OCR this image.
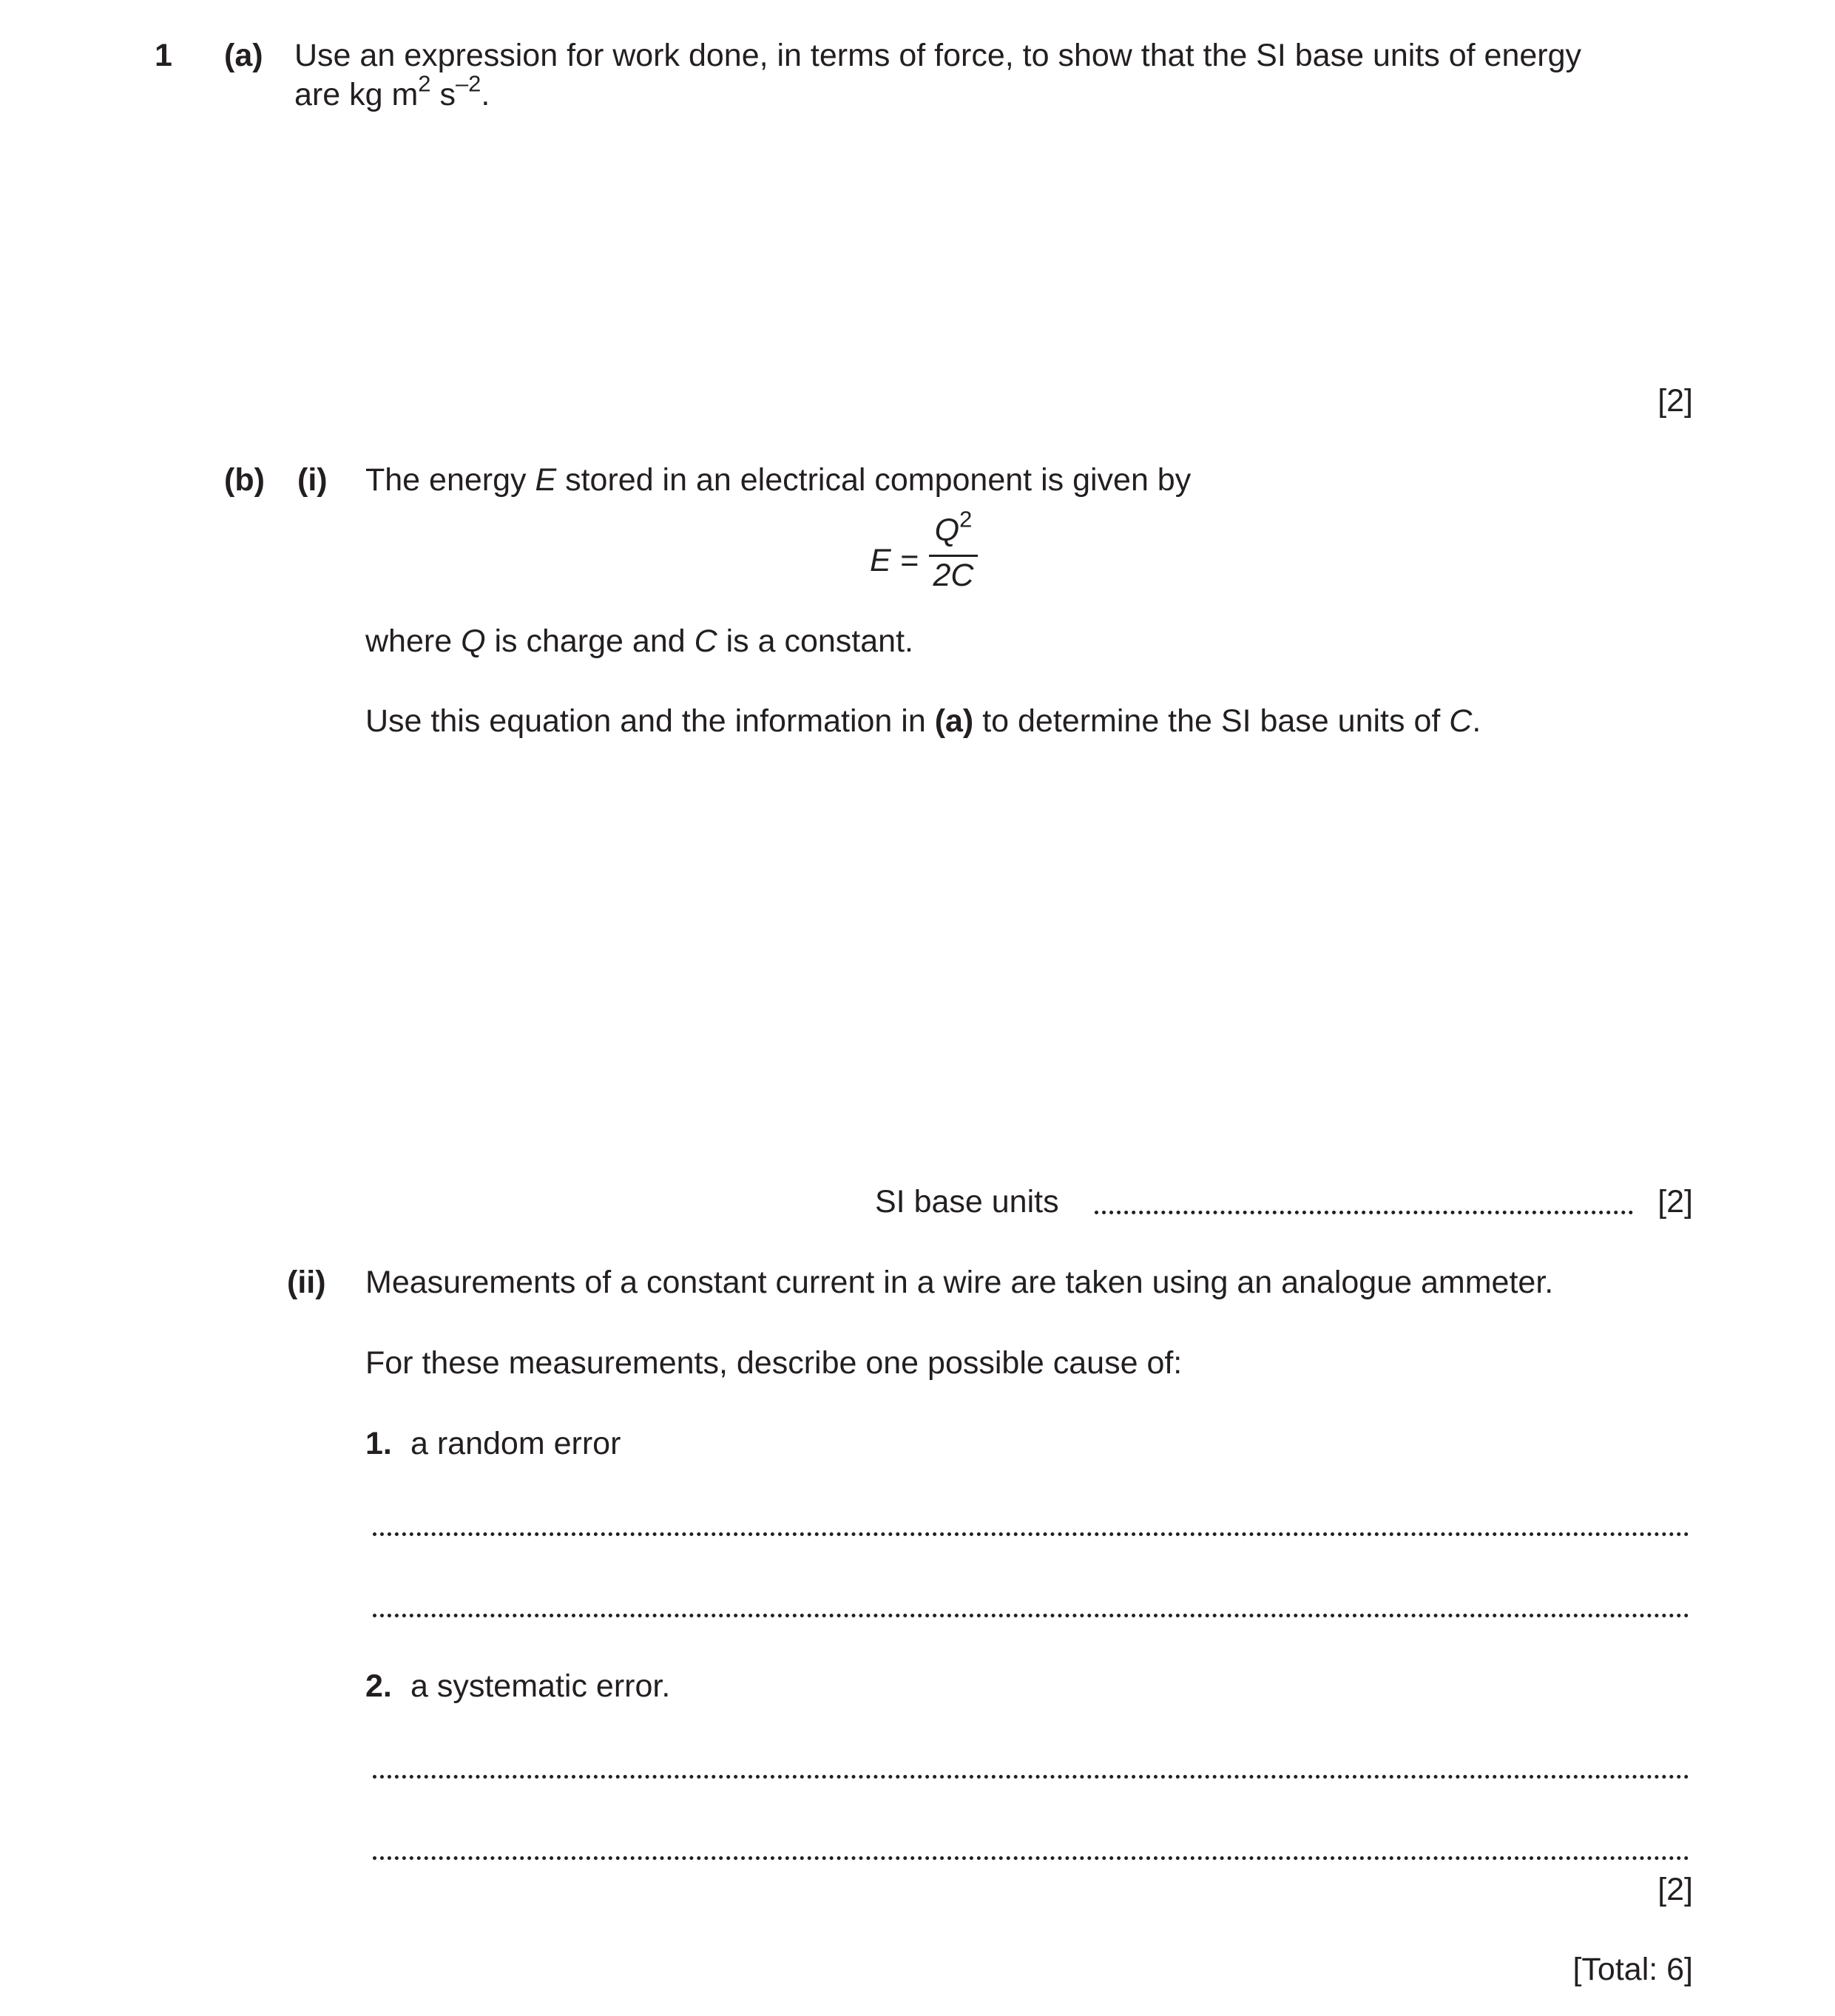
1 (a) Use an expression for work done, in terms of force, to show that the SI base units of energy
are kg $m^2$ $s^{-2}$.
[2]
(b) (i) The energy E stored in an electrical component is given by
E =
$Q^2$
2C
where Q is charge and C is a constant.
Use this equation and the information in (a) to determine the SI base units of C.
SI base units	[2]
(ii) Measurements of a constant current in a wire are taken using an analogue ammeter.
For these measurements, describe one possible cause of:
1. a random error
2. a systematic error.
[2]
[Total: 6]
